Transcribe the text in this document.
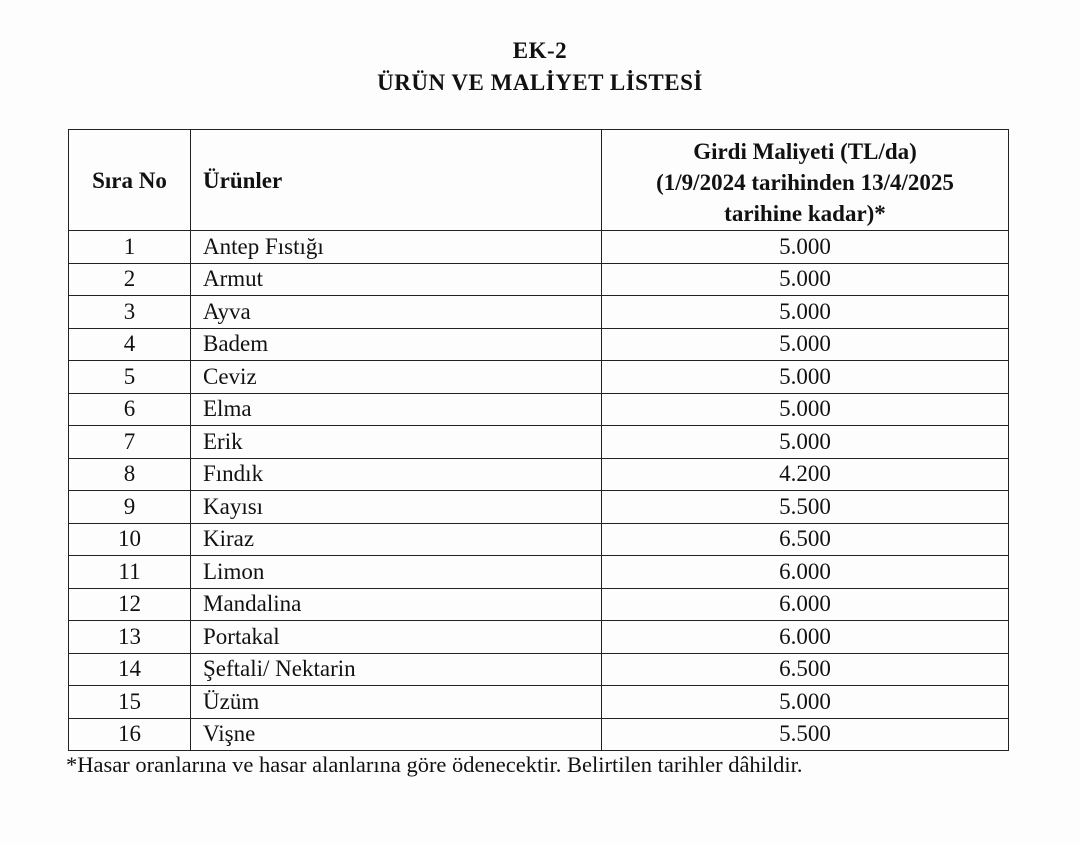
EK-2
ÜRÜN VE MALİYET LİSTESİ
Sıra No	Ürünler	Girdi Maliyeti (TL/da)
(1/9/2024 tarihinden 13/4/2025
tarihine kadar)*

1	Antep Fıstığı	5.000
2	Armut	5.000
3	Ayva	5.000
4	Badem	5.000
5	Ceviz	5.000
6	Elma	5.000
7	Erik	5.000
8	Fındık	4.200
9	Kayısı	5.500
10	Kiraz	6.500
11	Limon	6.000
12	Mandalina	6.000
13	Portakal	6.000
14	Şeftali/ Nektarin	6.500
15	Üzüm	5.000
16	Vişne	5.500
*Hasar oranlarına ve hasar alanlarına göre ödenecektir. Belirtilen tarihler dâhildir.
